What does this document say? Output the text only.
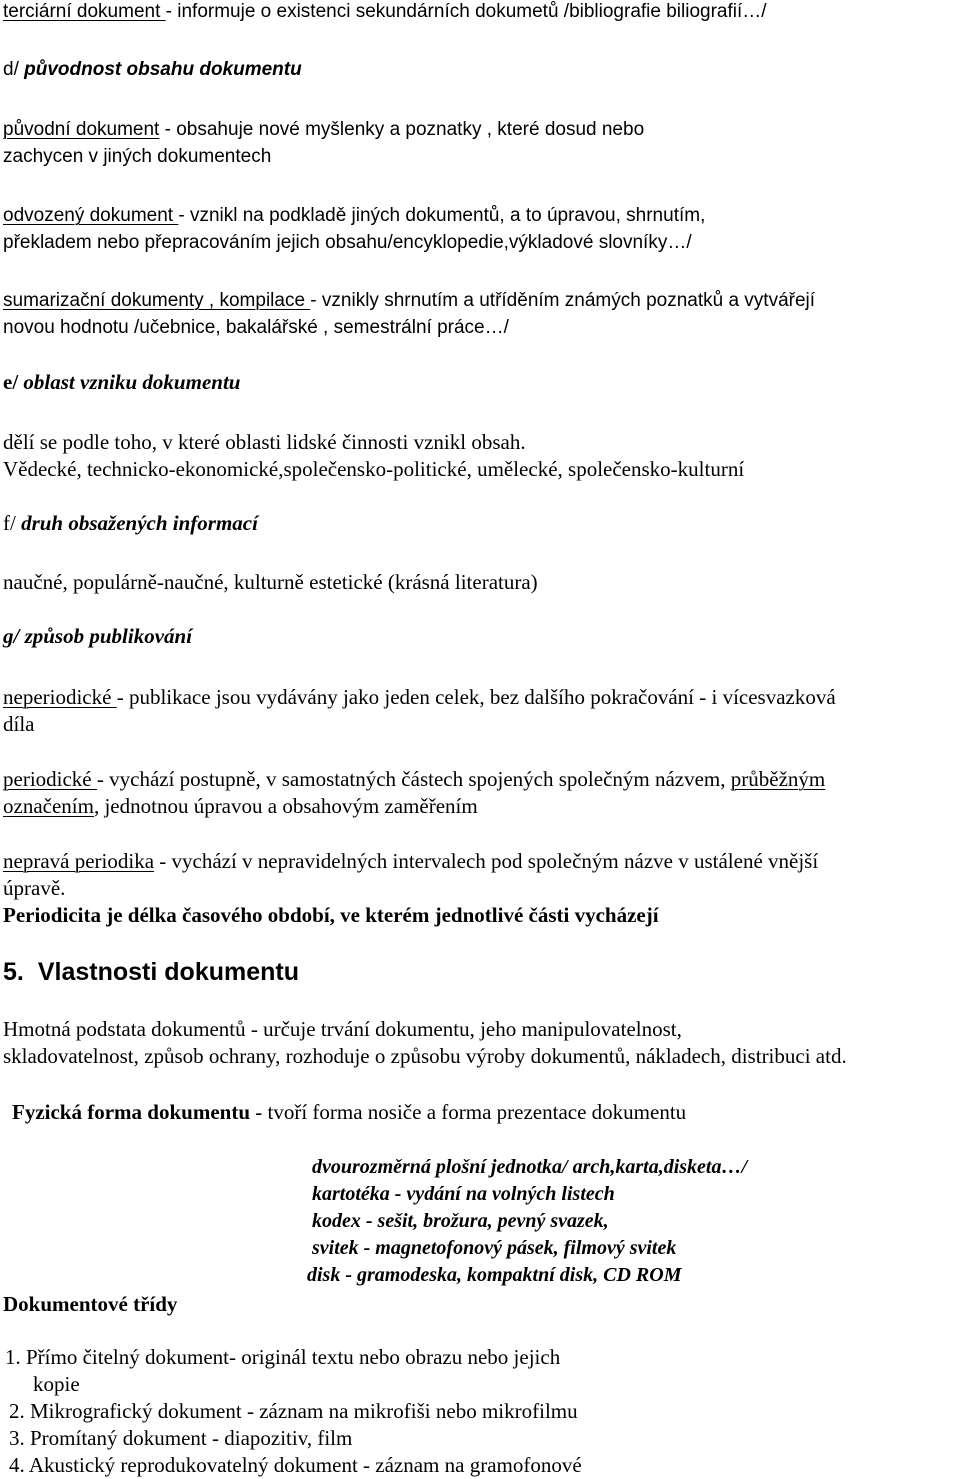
terciární dokument - informuje o existenci sekundárních dokumetů /bibliografie biliografií…/
d/ původnost obsahu dokumentu
původní dokument - obsahuje nové myšlenky a poznatky , které dosud nebo
zachycen v jiných dokumentech
odvozený dokument - vznikl na podkladě jiných dokumentů, a to úpravou, shrnutím,
překladem nebo přepracováním jejich obsahu/encyklopedie,výkladové slovníky…/
sumarizační dokumenty , kompilace - vznikly shrnutím a utříděním známých poznatků a vytvářejí
novou hodnotu /učebnice, bakalářské , semestrální práce…/
e/ oblast vzniku dokumentu
dělí se podle toho, v které oblasti lidské činnosti vznikl obsah.
Vědecké, technicko-ekonomické,společensko-politické, umělecké, společensko-kulturní
f/ druh obsažených informací
naučné, populárně-naučné, kulturně estetické (krásná literatura)
g/ způsob publikování
neperiodické - publikace jsou vydávány jako jeden celek, bez dalšího pokračování - i vícesvazková
díla
periodické - vychází postupně, v samostatných částech spojených společným názvem, průběžným
označením, jednotnou úpravou a obsahovým zaměřením
nepravá periodika - vychází v nepravidelných intervalech pod společným názve v ustálené vnější
úpravě.
Periodicita je délka časového období, ve kterém jednotlivé části vycházejí
5. Vlastnosti dokumentu
Hmotná podstata dokumentů - určuje trvání dokumentu, jeho manipulovatelnost,
skladovatelnost, způsob ochrany, rozhoduje o způsobu výroby dokumentů, nákladech, distribuci atd.
Fyzická forma dokumentu - tvoří forma nosiče a forma prezentace dokumentu
dvourozměrná plošní jednotka/ arch,karta,disketa…/
kartotéka - vydání na volných listech
kodex - sešit, brožura, pevný svazek,
svitek - magnetofonový pásek, filmový svitek
disk - gramodeska, kompaktní disk, CD ROM
Dokumentové třídy
1. Přímo čitelný dokument- originál textu nebo obrazu nebo jejich
kopie
2. Mikrografický dokument - záznam na mikrofiši nebo mikrofilmu
3. Promítaný dokument - diapozitiv, film
4. Akustický reprodukovatelný dokument - záznam na gramofonové
